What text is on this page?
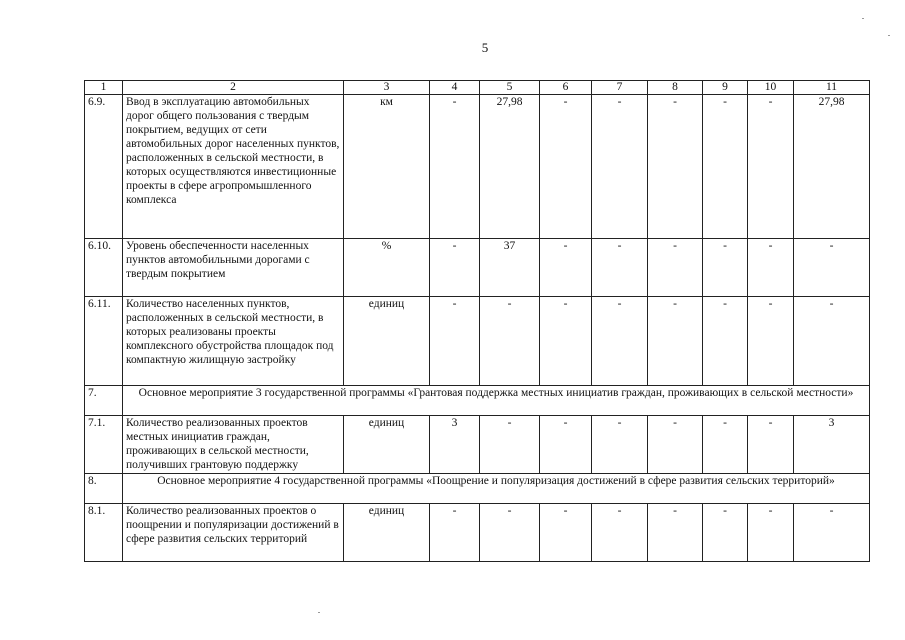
5
1	2	3	4	5	6	7	8	9	10	11
6.9.	Ввод в эксплуатацию автомобильных дорог общего пользования с твердым покрытием, ведущих от сети автомобильных дорог населенных пунктов, расположенных в сельской местности, в которых осуществляются инвестиционные проекты в сфере агропромышленного комплекса	км	-	27,98	-	-	-	-	-	27,98
6.10.	Уровень обеспеченности населенных пунктов автомобильными дорогами с твердым покрытием	%	-	37	-	-	-	-	-	-
6.11.	Количество населенных пунктов, расположенных в сельской местности, в которых реализованы проекты комплексного обустройства площадок под компактную жилищную застройку	единиц	-	-	-	-	-	-	-	-
7.	Основное мероприятие 3 государственной программы «Грантовая поддержка местных инициатив граждан, проживающих в сельской местности»									
7.1.	Количество реализованных проектов местных инициатив граждан, проживающих в сельской местности, получивших грантовую поддержку	единиц	3	-	-	-	-	-	-	3
8.	Основное мероприятие 4 государственной программы «Поощрение и популяризация достижений в сфере развития сельских территорий»									
8.1.	Количество реализованных проектов о поощрении и популяризации достижений в сфере развития сельских территорий	единиц	-	-	-	-	-	-	-	-
